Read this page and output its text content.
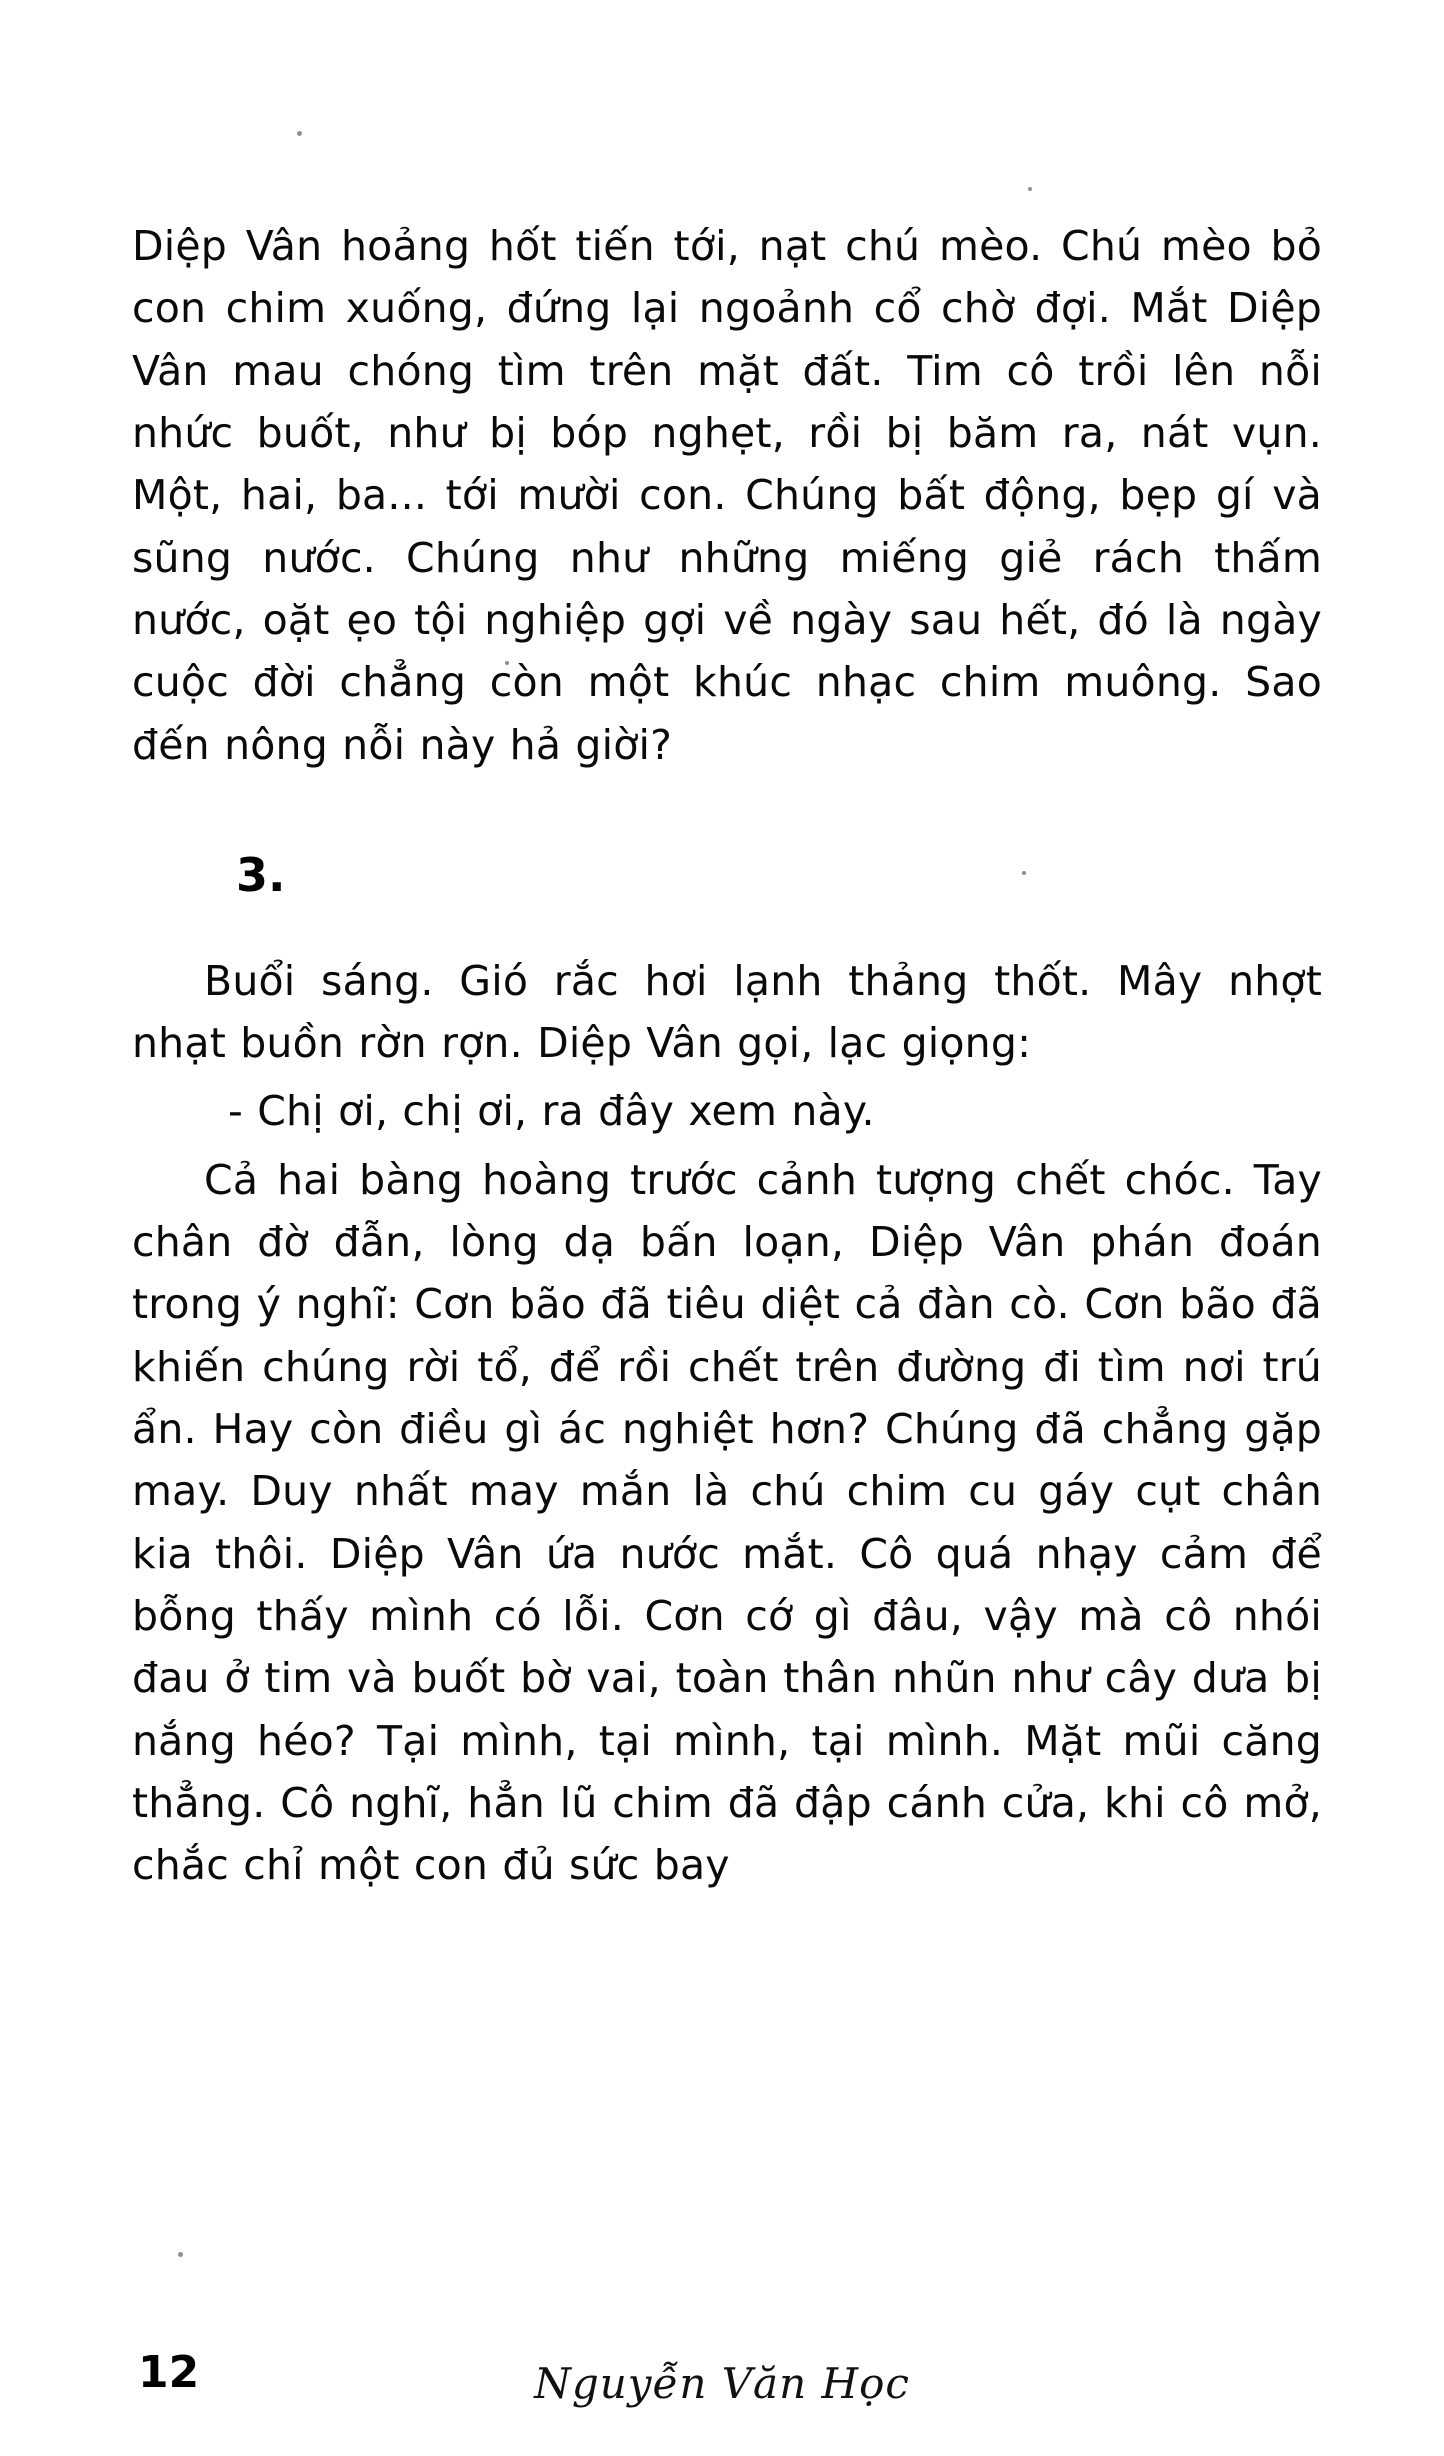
Diệp Vân hoảng hốt tiến tới, nạt chú mèo. Chú mèo bỏ con chim xuống, đứng lại ngoảnh cổ chờ đợi. Mắt Diệp Vân mau chóng tìm trên mặt đất. Tim cô trồi lên nỗi nhức buốt, như bị bóp nghẹt, rồi bị băm ra, nát vụn. Một, hai, ba... tới mười con. Chúng bất động, bẹp gí và sũng nước. Chúng như những miếng giẻ rách thấm nước, oặt ẹo tội nghiệp gợi về ngày sau hết, đó là ngày cuộc đời chẳng còn một khúc nhạc chim muông. Sao đến nông nỗi này hả giời?

3.

Buổi sáng. Gió rắc hơi lạnh thảng thốt. Mây nhợt nhạt buồn rờn rợn. Diệp Vân gọi, lạc giọng:

- Chị ơi, chị ơi, ra đây xem này.

Cả hai bàng hoàng trước cảnh tượng chết chóc. Tay chân đờ đẫn, lòng dạ bấn loạn, Diệp Vân phán đoán trong ý nghĩ: Cơn bão đã tiêu diệt cả đàn cò. Cơn bão đã khiến chúng rời tổ, để rồi chết trên đường đi tìm nơi trú ẩn. Hay còn điều gì ác nghiệt hơn? Chúng đã chẳng gặp may. Duy nhất may mắn là chú chim cu gáy cụt chân kia thôi. Diệp Vân ứa nước mắt. Cô quá nhạy cảm để bỗng thấy mình có lỗi. Cơn cớ gì đâu, vậy mà cô nhói đau ở tim và buốt bờ vai, toàn thân nhũn như cây dưa bị nắng héo? Tại mình, tại mình, tại mình. Mặt mũi căng thẳng. Cô nghĩ, hẳn lũ chim đã đập cánh cửa, khi cô mở, chắc chỉ một con đủ sức bay

12	Nguyễn Văn Học
